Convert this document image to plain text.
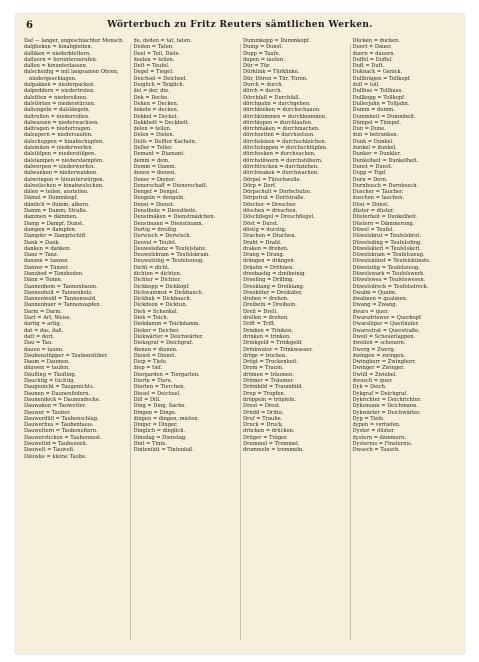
6	Wörterbuch zu Fritz Reuters sämtlichen Werken.

Daf — langer, ungeschlachter Mensch.

dalglieken = hinabgleiten.

dalliken = niederklettern.

dalluern = herunterzurufen.

dallen = hinunterlassen.

dalscheidig = mit langsamen Ohren, niedergeschlagen.

dalpakken = niederpacken.

dalpeddern = niedertreten.

dalsitten = niedersitzen.

dalstörten = niederstürzen.

daltengeln = dalslängeln.

daltrollen = niederrollen.

dalwassen = niederwachsen.

daltragen = niedertragen.

dalsupern = niedersaufen.

dalschuppen = hinabschupfen.

dalsmiten = niederwerfen.

dalstülpen = niederstülpen.

dalstampen = niederstampfen.

dalwerpen = niederwerfen.

dalwanken = niederwanken.

dalwringen = hinunterwürgen.

dalwelschen = hinabwelschen.

dälen = teilen, austeilen.

Dämel = Dummkopf.

dämlich = dumm, albern.

Damm = Damm, Straße.

dammen = dämmen.

Damp = Dampf, Dunst.

dampen = dampfen.

Dampfer = Dampfschiff.

Dank = Dank.

danken = danken.

Danz = Tanz.

danzen = tanzen.

Danzer = Tänzer.

Danzbod = Tanzboden.

Dänn = Tenne.

Dannenbom = Tannenbaum.

Dannenholt = Tannenholz.

Dannenwold = Tannenwald.

Dannenbuer = Tannenzapfen.

Darm = Darm.

Dart = Art, Weise.

dartig = artig.

dat = das, daß.

datt = dort.

Dau = Tau.

dauen = tauen.

Daubenstüpper = Taubenstüber.

Daum = Daumen.

däuwen = taufen.

Däufling = Täufling.

Dauchtig = tüchtig.

Daugenicht = Taugenichts.

Daunen = Daunenfedern.

Daunendeck = Daunendecke.

Dauwaken = Tauwetter.

Dauwer = Tauber.

Dauwerdüll = Taubenschlag.

Dauwerhus = Taubenhaus.

Dauweltern = Taubeneltern.

Dauwersticken = Taubennest.

Dauweltid = Taubenzeit.

Dauwelt = Tauwelt.

Däuwke = kleine Taube.

de, deden = tat, taten.

Deden = Taten.

Deel = Teil, Diele.

deelen = teilen.

Deft = Teufel.

Degel = Tiegel.

Deichsel = Deichsel.

Deiglich = Teiglich.

dei = der, die.

Dek = Decke.

Deken = Decken.

dekeln = decken.

Dekkel = Deckel.

Dekkbett = Deckbett.

delen = teilen.

Delen = Dielen.

Delfs = Delfter Kacheln.

Deller = Teller.

Demant = Diamant.

demm = dem.

Demm = Damm.

denen = dienen.

Dener = Diener.

Denerschaft = Dienerschaft.

Dengel = Dengel.

Dengeln = dengeln.

Denst = Dienst.

Denstbote = Dienstbote.

Denstmäken = Dienstmädchen.

Denstmann = Dienstmann.

Dertig = dreißig.

Derwisch = Derwisch.

Deuvel = Teufel.

Deuwelsdanz = Teufelstanz.

Deuwelskram = Teufelskram.

Deuwelstüg = Teufelszeug.

Dicht = dicht.

dichten = dichten.

Dichter = Dichter.

Dickkopp = Dickkopf.

Dickwammst = Dickbauch.

Dickbuk = Dickbauch.

Dickdoon = Dicktun.

Dieh = Schenkel.

Diek = Teich.

Diekdamm = Teichdamm.

Dieker = Deicher.

Diekwärter = Deichwärter.

Dieksgraf = Deichgraf.

dienen = dienen.

Dienst = Dienst.

Diep = Tiefe.

diep = tief.

Diergarden = Tiergarten.

Dierte = Tiere.

Dierten = Tierchen.

Diesel = Deichsel.

Dill = Dill.

Ding = Ding, Sache.

Dingen = Dinge.

dingen = dingen, mieten.

Dinger = Dinger.

Dinglich = dinglich.

Dinsdag = Dienstag.

Dint = Tinte.

Dintenfatt = Tintenfaß.

Dummkopp = Dummkopf.

Dump = Dunst.

Dupp = Taufe.

dupen = taufen.

Dür = Tür.

Dürklink = Türklinke.

Dür, Dören = Tür, Türen.

Durch = durch.

dörch = durch.

Dörchfall = Durchfall.

dörchgahn = durchgehen.

dörchkieken = durchschauen.

dörchkümmen = durchkommen.

dörchlopen = durchlaufen.

dörchmaken = durchmachen.

dörchsetten = durchsetzen.

dörchsleken = durchschleichen.

dörchsluppen = durchschlüpfen.

dörchsoken = durchsuchen.

dörchstöwern = durchstöbern.

dörchtrecken = durchziehen.

dörchwaken = durchwachen.

Dörpel = Türschwelle.

Dörp = Dorf.

Dörpschult = Dorfschulze.

Dörpstrat = Dorfstraße.

Döscher = Drescher.

döschen = dreschen.

Döschflegel = Dreschflegel.

Döst = Durst.

döstig = durstig.

Drachen = Drachen.

Draht = Draht.

draken = drehen.

Drang = Drang.

drängen = drängen.

Dräuhn = Dröhnen.

dreebastig = dreibeinig.

Dreeling = Drilling.

Dreeklang = Dreiklang.

Dreeköter = Dreikäter.

drehen = drehen.

Dreibein = Dreibein.

Drell = Drell.

drellen = drehen.

Drift = Trift.

Drinken = Trinken.

drinken = trinken.

Drinkgeld = Trinkgeld.

Drinkwater = Trinkwasser.

dröge = trocken.

Drögt = Trockenheit.

Drom = Traum.

drömen = träumen.

Drömer = Träumer.

Drömbild = Traumbild.

Drop = Tropfen.

dröppeln = tröpfeln.

Drost = Drost.

Drüdd = Dritte.

Druf = Traube.

Druck = Druck.

drücken = drücken.

Drüger = Träger.

Drummel = Trommel.

drummeln = trommeln.

Dücken = ducken.

Duert = Dauer.

duern = dauern.

Duffel = Duffel.

Duft = Duft.

Duknack = Genick.

Dullbrägen = Tollkopf.

dull = toll.

Dullhus = Tollhaus.

Dullkopp = Tollkopf.

Dullerjahn = Tolljahn.

Dumm = dumm.

Dummheit = Dummheit.

Dümpel = Tümpel.

Dun = Dune.

dun = betrunken.

Dunk = Dunkel.

dunkel = dunkel.

Dunker = Dunkler.

Dunkelheit = Dunkelheit.

Dunst = Dunst.

Dupp = Topf.

Durn = Dorn.

Durnbusch = Dornbusch.

Duscher = Taucher.

duschen = tauchen.

Düst = Dunst.

düster = düster.

Düsterheit = Dunkelheit.

Düstern = Dämmerung.

Düwel = Teufel.

Düwelsbrut = Teufelsbrut.

Düwelsding = Teufelsding.

Düwelskierl = Teufelskerl.

Düwelskram = Teufelszeug.

Düwelskünst = Teufelskünste.

Düwelstüg = Teufelszeug.

Düwelswark = Teufelswerk.

Düwelswes = Teufelswesen.

Düwelsdreck = Teufelsdreck.

Dwalm = Qualm.

dwalmen = qualmen.

Dwang = Zwang.

dwars = quer.

Dwarsdriewer = Querkopf.

Dwarslöper = Querläufer.

Dwarsstrat = Querstraße.

Dweil = Scheuerlappen.

dweilen = scheuern.

Dwerg = Zwerg.

dwingen = zwingen.

Dwingherr = Zwingherr.

Dwinger = Zwinger.

Dwüll = Zwiebel.

dwusch = quer.

Dyk = Deich.

Dykgraf = Deichgraf.

Dykrichter = Deichrichter.

Dyksmann = Deichmann.

Dykwärter = Deichwärter.

Dyp = Tiefe.

dypen = vertiefen.

Dyster = düster.

dystern = dämmern.

Dysternis = Finsternis.

Dwasch = Tausch.
